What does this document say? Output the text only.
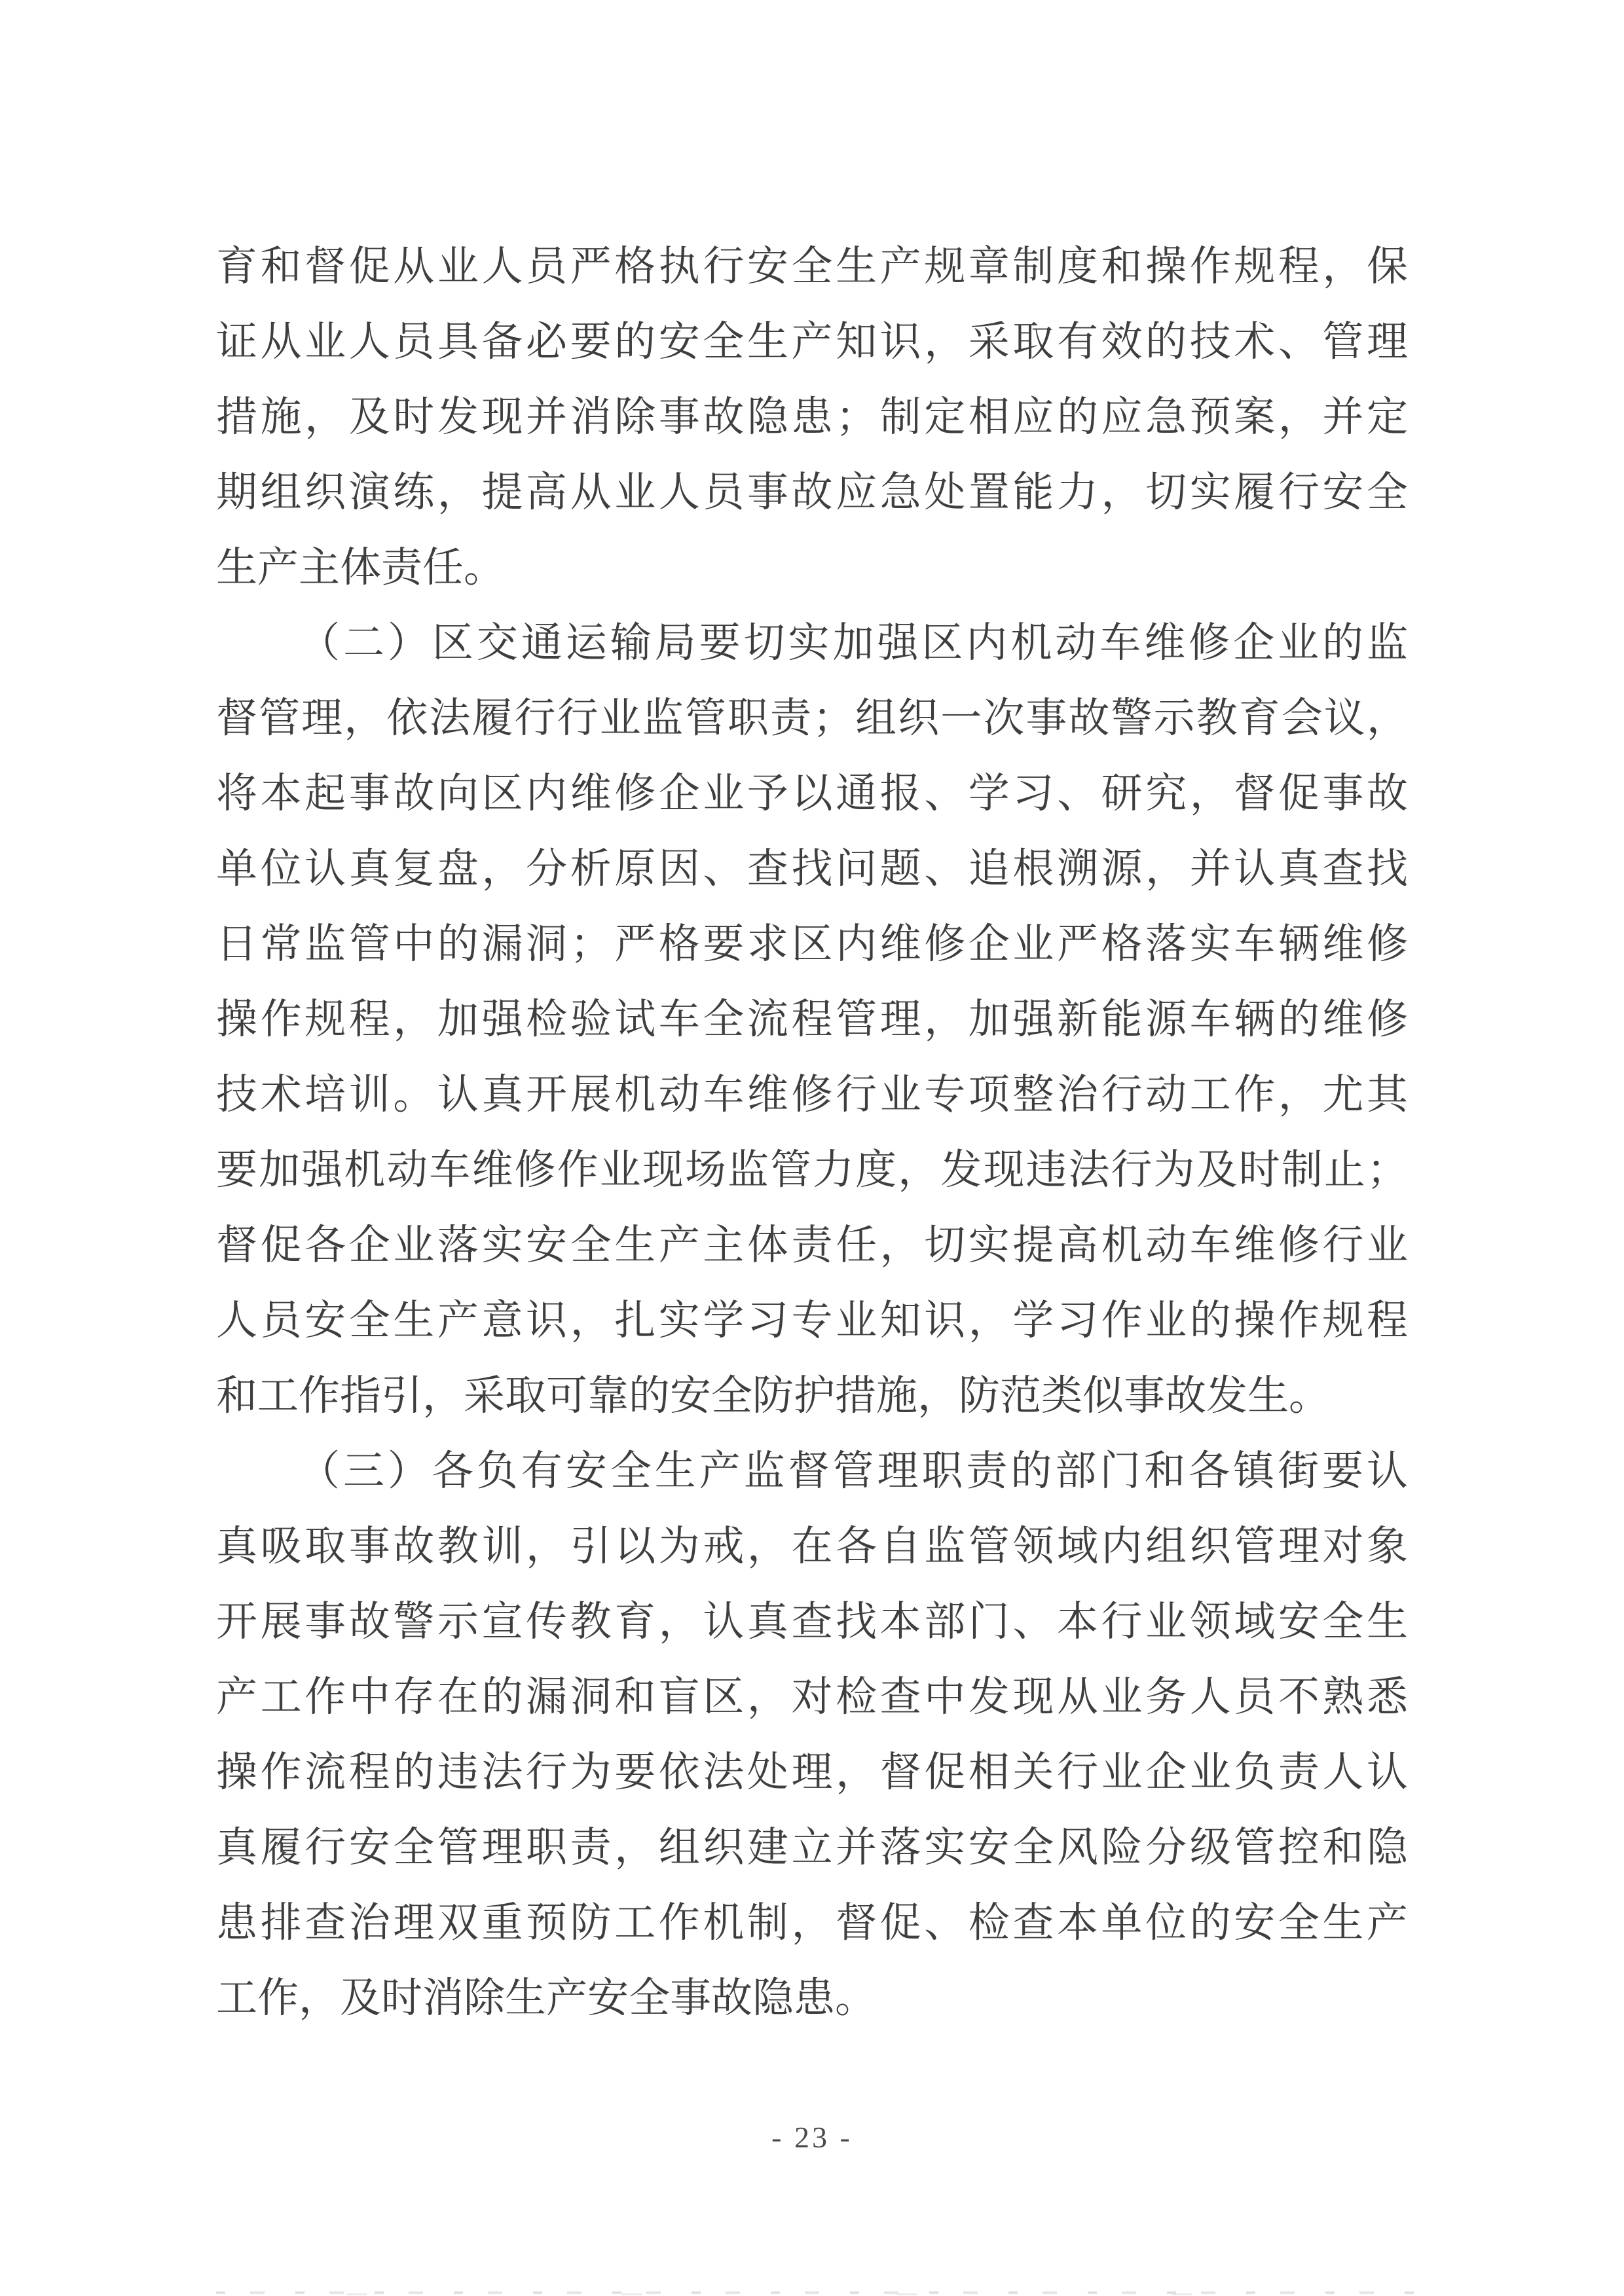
育和督促从业人员严格执行安全生产规章制度和操作规程，保
证从业人员具备必要的安全生产知识，采取有效的技术、管理
措施，及时发现并消除事故隐患；制定相应的应急预案，并定
期组织演练，提高从业人员事故应急处置能力，切实履行安全
生产主体责任。
（二）区交通运输局要切实加强区内机动车维修企业的监
督管理，依法履行行业监管职责；组织一次事故警示教育会议，
将本起事故向区内维修企业予以通报、学习、研究，督促事故
单位认真复盘，分析原因、查找问题、追根溯源，并认真查找
日常监管中的漏洞；严格要求区内维修企业严格落实车辆维修
操作规程，加强检验试车全流程管理，加强新能源车辆的维修
技术培训。认真开展机动车维修行业专项整治行动工作，尤其
要加强机动车维修作业现场监管力度，发现违法行为及时制止；
督促各企业落实安全生产主体责任，切实提高机动车维修行业
人员安全生产意识，扎实学习专业知识，学习作业的操作规程
和工作指引，采取可靠的安全防护措施，防范类似事故发生。
（三）各负有安全生产监督管理职责的部门和各镇街要认
真吸取事故教训，引以为戒，在各自监管领域内组织管理对象
开展事故警示宣传教育，认真查找本部门、本行业领域安全生
产工作中存在的漏洞和盲区，对检查中发现从业务人员不熟悉
操作流程的违法行为要依法处理，督促相关行业企业负责人认
真履行安全管理职责，组织建立并落实安全风险分级管控和隐
患排查治理双重预防工作机制，督促、检查本单位的安全生产
工作，及时消除生产安全事故隐患。
- 23 -
